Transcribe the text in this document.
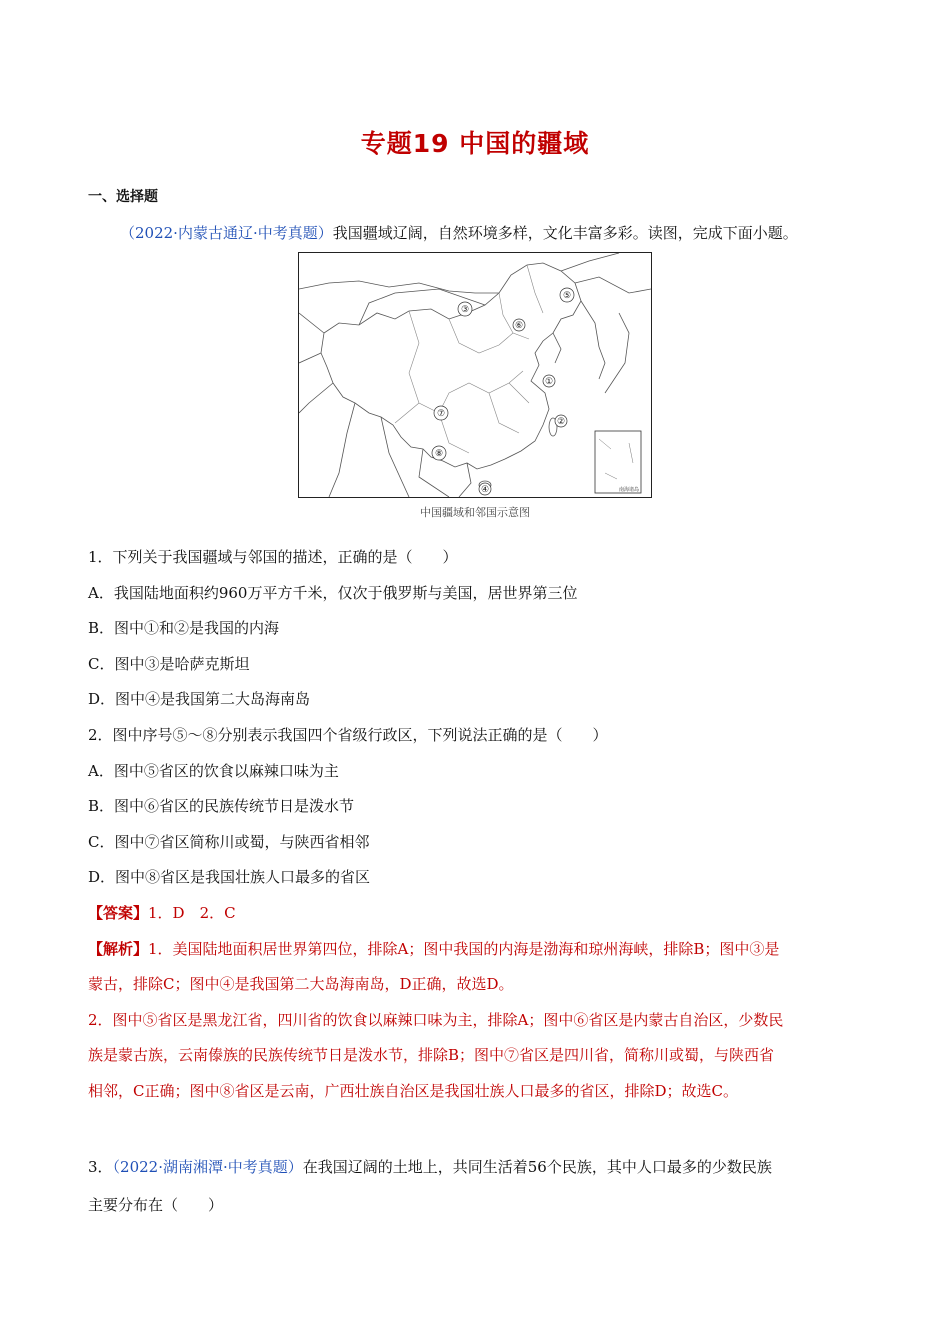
专题19 中国的疆域
一、选择题
（2022·内蒙古通辽·中考真题）我国疆域辽阔，自然环境多样，文化丰富多彩。读图，完成下面小题。
①
②
③
④
⑤
⑥
⑦
⑧
南海诸岛
中国疆域和邻国示意图
1．下列关于我国疆域与邻国的描述，正确的是（　　）
A．我国陆地面积约960万平方千米，仅次于俄罗斯与美国，居世界第三位
B．图中①和②是我国的内海
C．图中③是哈萨克斯坦
D．图中④是我国第二大岛海南岛
2．图中序号⑤～⑧分别表示我国四个省级行政区，下列说法正确的是（　　）
A．图中⑤省区的饮食以麻辣口味为主
B．图中⑥省区的民族传统节日是泼水节
C．图中⑦省区简称川或蜀，与陕西省相邻
D．图中⑧省区是我国壮族人口最多的省区
【答案】1．D　2．C
【解析】1．美国陆地面积居世界第四位，排除A；图中我国的内海是渤海和琼州海峡，排除B；图中③是
蒙古，排除C；图中④是我国第二大岛海南岛，D正确，故选D。
2．图中⑤省区是黑龙江省，四川省的饮食以麻辣口味为主，排除A；图中⑥省区是内蒙古自治区，少数民
族是蒙古族，云南傣族的民族传统节日是泼水节，排除B；图中⑦省区是四川省，简称川或蜀，与陕西省
相邻，C正确；图中⑧省区是云南，广西壮族自治区是我国壮族人口最多的省区，排除D；故选C。
3．（2022·湖南湘潭·中考真题）在我国辽阔的土地上，共同生活着56个民族，其中人口最多的少数民族
主要分布在（　　）
